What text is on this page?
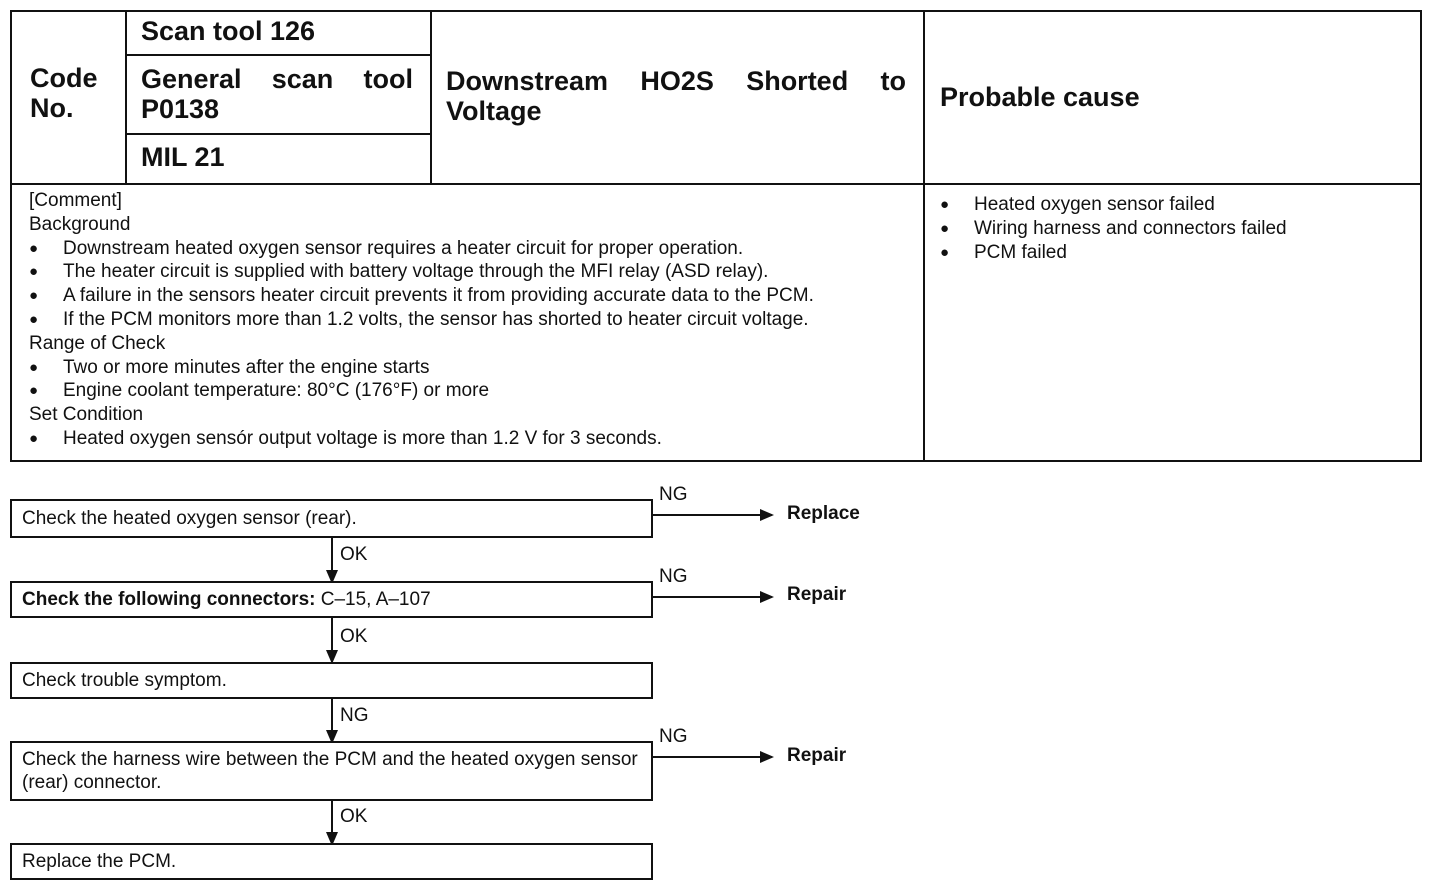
Code No.
Scan tool 126
General scan tool P0138
MIL 21
Downstream HO2S Shorted to Voltage	Probable cause
[Comment]
Background
● Downstream heated oxygen sensor requires a heater circuit for proper operation.
● The heater circuit is supplied with battery voltage through the MFI relay (ASD relay).
● A failure in the sensors heater circuit prevents it from providing accurate data to the PCM.
● If the PCM monitors more than 1.2 volts, the sensor has shorted to heater circuit voltage.
Range of Check
● Two or more minutes after the engine starts
● Engine coolant temperature: 80°C (176°F) or more
Set Condition
● Heated oxygen sensór output voltage is more than 1.2 V for 3 seconds.
● Heated oxygen sensor failed
● Wiring harness and connectors failed
● PCM failed
Check the heated oxygen sensor (rear).
NG
Replace
OK
Check the following connectors: C–15, A–107
NG
Repair
OK
Check trouble symptom.
NG
Check the harness wire between the PCM and the heated oxygen sensor (rear) connector.
NG
Repair
OK
Replace the PCM.
